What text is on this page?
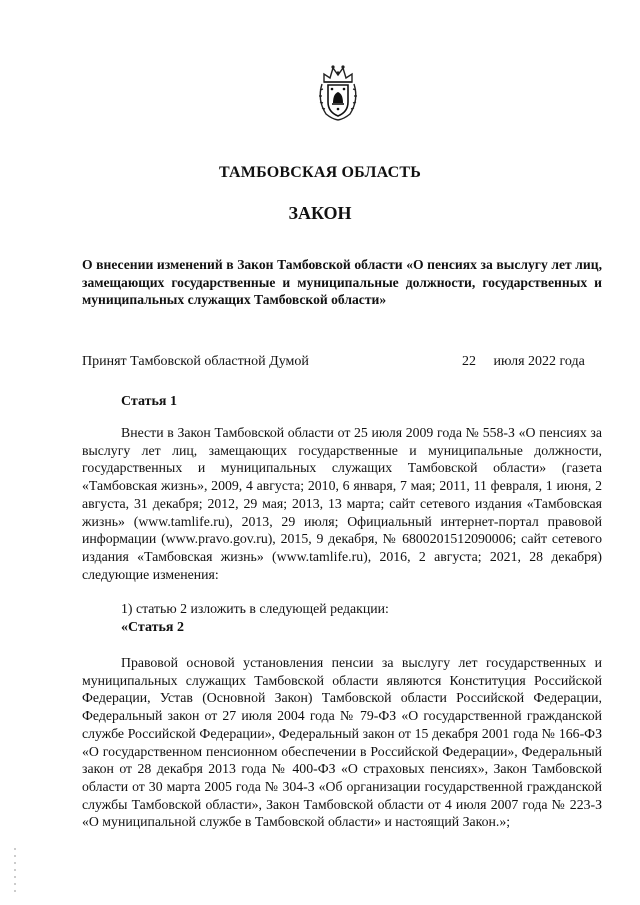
ТАМБОВСКАЯ ОБЛАСТЬ
ЗАКОН
О внесении изменений в Закон Тамбовской области «О пенсиях за выслугу лет лиц, замещающих государственные и муниципальные должности, государственных и муниципальных служащих Тамбовской области»
Принят Тамбовской областной Думой	22     июля 2022 года
Статья 1
Внести в Закон Тамбовской области от 25 июля 2009 года № 558-З «О пенсиях за выслугу лет лиц, замещающих государственные и муниципальные должности, государственных и муниципальных служащих Тамбовской области» (газета «Тамбовская жизнь», 2009, 4 августа; 2010, 6 января, 7 мая; 2011, 11 февраля, 1 июня, 2 августа, 31 декабря; 2012, 29 мая; 2013, 13 марта; сайт сетевого издания «Тамбовская жизнь» (www.tamlife.ru), 2013, 29 июля; Официальный интернет-портал правовой информации (www.pravo.gov.ru), 2015, 9 декабря, № 6800201512090006; сайт сетевого издания «Тамбовская жизнь» (www.tamlife.ru), 2016, 2 августа; 2021, 28 декабря) следующие изменения:
1) статью 2 изложить в следующей редакции:
«Статья 2
Правовой основой установления пенсии за выслугу лет государственных и муниципальных служащих Тамбовской области являются Конституция Российской Федерации, Устав (Основной Закон) Тамбовской области Российской Федерации, Федеральный закон от 27 июля 2004 года № 79-ФЗ «О государственной гражданской службе Российской Федерации», Федеральный закон от 15 декабря 2001 года № 166-ФЗ «О государственном пенсионном обеспечении в Российской Федерации», Федеральный закон от 28 декабря 2013 года № 400-ФЗ «О страховых пенсиях», Закон Тамбовской области от 30 марта 2005 года № 304-З «Об организации государственной гражданской службы Тамбовской области», Закон Тамбовской области от 4 июля 2007 года № 223-З «О муниципальной службе в Тамбовской области» и настоящий Закон.»;
